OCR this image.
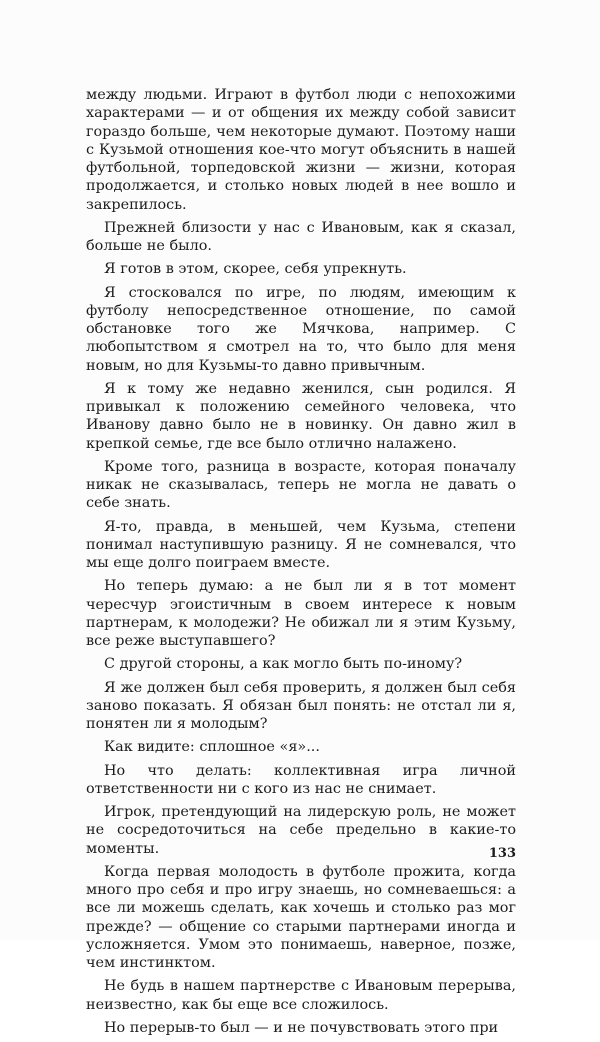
между людьми. Играют в футбол люди с непохожими характерами — и от общения их между собой зависит гораздо больше, чем некоторые думают. Поэтому наши с Кузьмой отношения кое-что могут объяснить в нашей футбольной, торпедовской жизни — жизни, которая продолжается, и столько новых людей в нее вошло и закрепилось.

Прежней близости у нас с Ивановым, как я сказал, больше не было.

Я готов в этом, скорее, себя упрекнуть.

Я стосковался по игре, по людям, имеющим к футболу непосредственное отношение, по самой обстановке того же Мячкова, например. С любопытством я смотрел на то, что было для меня новым, но для Кузьмы-то давно привычным.

Я к тому же недавно женился, сын родился. Я привыкал к положению семейного человека, что Иванову давно было не в новинку. Он давно жил в крепкой семье, где все было отлично налажено.

Кроме того, разница в возрасте, которая поначалу никак не сказывалась, теперь не могла не давать о себе знать.

Я-то, правда, в меньшей, чем Кузьма, степени понимал наступившую разницу. Я не сомневался, что мы еще долго поиграем вместе.

Но теперь думаю: а не был ли я в тот момент чересчур эгоистичным в своем интересе к новым партнерам, к молодежи? Не обижал ли я этим Кузьму, все реже выступавшего?

С другой стороны, а как могло быть по-иному?

Я же должен был себя проверить, я должен был себя заново показать. Я обязан был понять: не отстал ли я, понятен ли я молодым?

Как видите: сплошное «я»...

Но что делать: коллективная игра личной ответственности ни с кого из нас не снимает.

Игрок, претендующий на лидерскую роль, не может не сосредоточиться на себе предельно в какие-то моменты.

Когда первая молодость в футболе прожита, когда много про себя и про игру знаешь, но сомневаешься: а все ли можешь сделать, как хочешь и столько раз мог прежде? — общение со старыми партнерами иногда и усложняется. Умом это понимаешь, наверное, позже, чем инстинктом.

Не будь в нашем партнерстве с Ивановым перерыва, неизвестно, как бы еще все сложилось.

Но перерыв-то был — и не почувствовать этого при

133
